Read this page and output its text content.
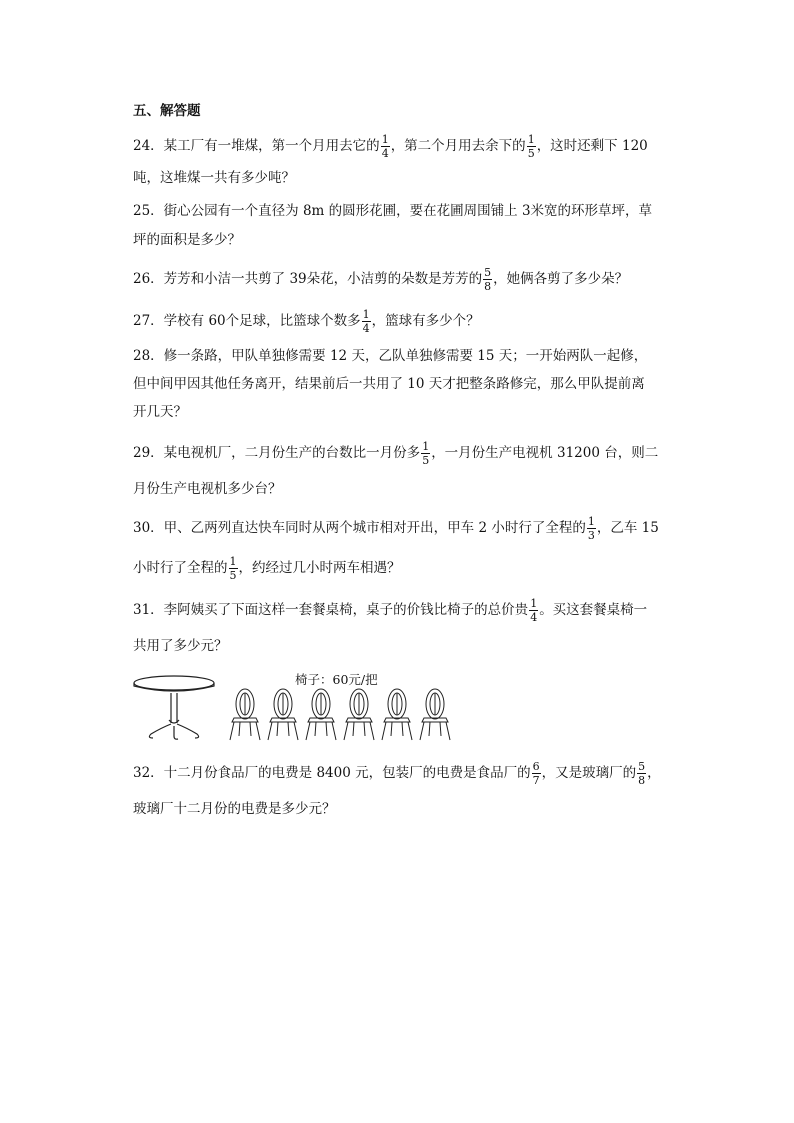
五、解答题
24．某工厂有一堆煤，第一个月用去它的 $\frac{1}{4}$ ，第二个月用去余下的 $\frac{1}{5}$ ，这时还剩下 120
吨，这堆煤一共有多少吨？
25．街心公园有一个直径为 8m 的圆形花圃，要在花圃周围铺上 3米宽的环形草坪，草
坪的面积是多少？
26．芳芳和小洁一共剪了 39朵花，小洁剪的朵数是芳芳的 $\frac{5}{8}$ ，她俩各剪了多少朵？
27．学校有 60个足球，比篮球个数多 $\frac{1}{4}$ ，篮球有多少个？
28．修一条路，甲队单独修需要 12 天，乙队单独修需要 15 天；一开始两队一起修，
但中间甲因其他任务离开，结果前后一共用了 10 天才把整条路修完，那么甲队提前离
开几天？
29．某电视机厂，二月份生产的台数比一月份多 $\frac{1}{5}$ ，一月份生产电视机 31200 台，则二
月份生产电视机多少台？
30．甲、乙两列直达快车同时从两个城市相对开出，甲车 2 小时行了全程的 $\frac{1}{3}$ ，乙车 15
小时行了全程的 $\frac{1}{5}$ ，约经过几小时两车相遇？
31．李阿姨买了下面这样一套餐桌椅，桌子的价钱比椅子的总价贵 $\frac{1}{4}$ 。买这套餐桌椅一
共用了多少元？
椅子：60元/把
32．十二月份食品厂的电费是 8400 元，包装厂的电费是食品厂的 $\frac{6}{7}$ ，又是玻璃厂的 $\frac{5}{8}$ ，
玻璃厂十二月份的电费是多少元？
